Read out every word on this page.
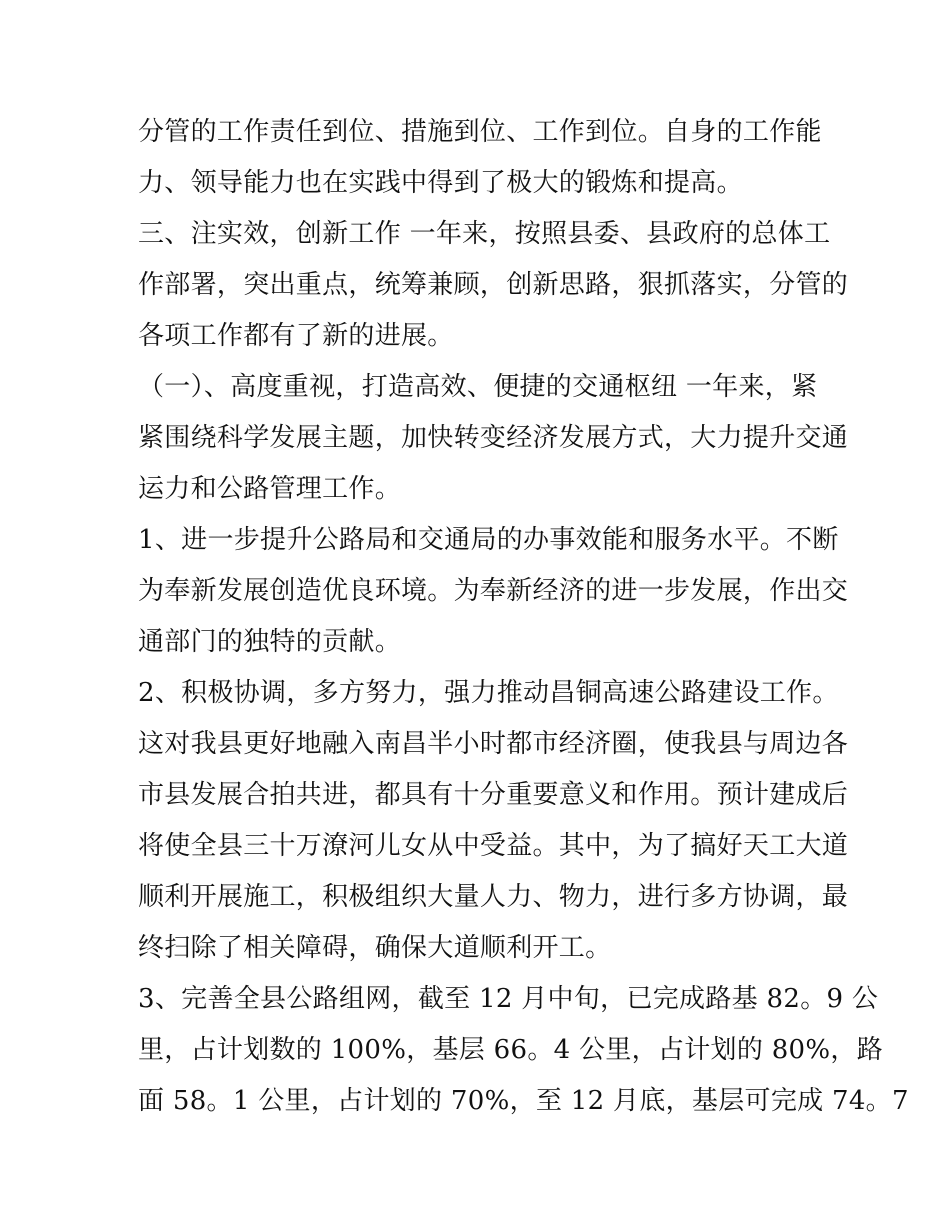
分管的工作责任到位、措施到位、工作到位。自身的工作能
力、领导能力也在实践中得到了极大的锻炼和提高。
三、注实效，创新工作 一年来，按照县委、县政府的总体工
作部署，突出重点，统筹兼顾，创新思路，狠抓落实，分管的
各项工作都有了新的进展。
（一）、高度重视，打造高效、便捷的交通枢纽 一年来，紧
紧围绕科学发展主题，加快转变经济发展方式，大力提升交通
运力和公路管理工作。
1、进一步提升公路局和交通局的办事效能和服务水平。不断
为奉新发展创造优良环境。为奉新经济的进一步发展，作出交
通部门的独特的贡献。
2、积极协调，多方努力，强力推动昌铜高速公路建设工作。
这对我县更好地融入南昌半小时都市经济圈，使我县与周边各
市县发展合拍共进，都具有十分重要意义和作用。预计建成后
将使全县三十万潦河儿女从中受益。其中，为了搞好天工大道
顺利开展施工，积极组织大量人力、物力，进行多方协调，最
终扫除了相关障碍，确保大道顺利开工。
3、完善全县公路组网，截至 12 月中旬，已完成路基 82。9 公
里，占计划数的 100%，基层 66。4 公里，占计划的 80%，路
面 58。1 公里，占计划的 70%，至 12 月底，基层可完成 74。7
